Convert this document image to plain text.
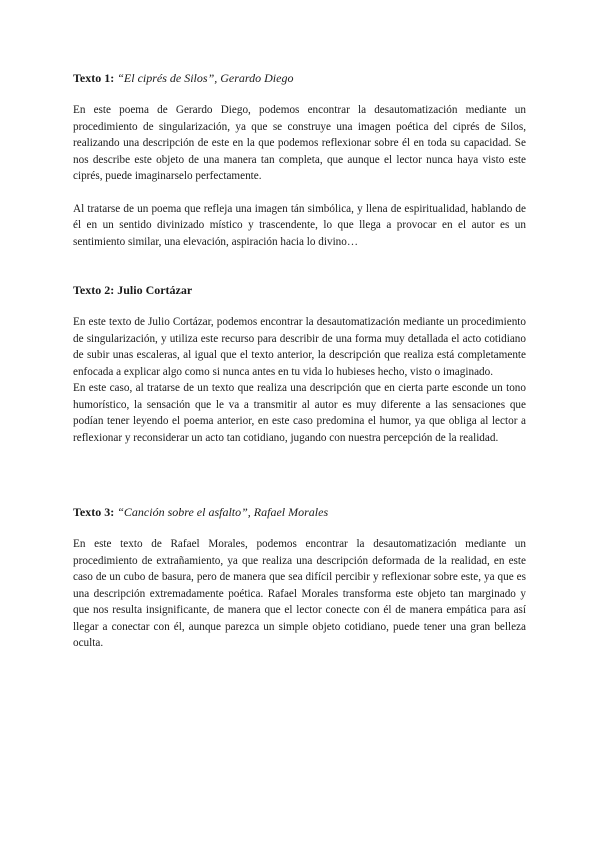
Texto 1: “El ciprés de Silos”, Gerardo Diego

En este poema de Gerardo Diego, podemos encontrar la desautomatización mediante un procedimiento de singularización, ya que se construye una imagen poética del ciprés de Silos, realizando una descripción de este en la que podemos reflexionar sobre él en toda su capacidad. Se nos describe este objeto de una manera tan completa, que aunque el lector nunca haya visto este ciprés, puede imaginarselo perfectamente.

Al tratarse de un poema que refleja una imagen tán simbólica, y llena de espiritualidad, hablando de él en un sentido divinizado místico y trascendente, lo que llega a provocar en el autor es un sentimiento similar, una elevación, aspiración hacia lo divino…

Texto 2: Julio Cortázar

En este texto de Julio Cortázar, podemos encontrar la desautomatización mediante un procedimiento de singularización, y utiliza este recurso para describir de una forma muy detallada el acto cotidiano de subir unas escaleras, al igual que el texto anterior, la descripción que realiza está completamente enfocada a explicar algo como si nunca antes en tu vida lo hubieses hecho, visto o imaginado.

En este caso, al tratarse de un texto que realiza una descripción que en cierta parte esconde un tono humorístico, la sensación que le va a transmitir al autor es muy diferente a las sensaciones que podían tener leyendo el poema anterior, en este caso predomina el humor, ya que obliga al lector a reflexionar y reconsiderar un acto tan cotidiano, jugando con nuestra percepción de la realidad.

Texto 3: “Canción sobre el asfalto”, Rafael Morales

En este texto de Rafael Morales, podemos encontrar la desautomatización mediante un procedimiento de extrañamiento, ya que realiza una descripción deformada de la realidad, en este caso de un cubo de basura, pero de manera que sea difícil percibir y reflexionar sobre este, ya que es una descripción extremadamente poética. Rafael Morales transforma este objeto tan marginado y que nos resulta insignificante, de manera que el lector conecte con él de manera empática para así llegar a conectar con él, aunque parezca un simple objeto cotidiano, puede tener una gran belleza oculta.
